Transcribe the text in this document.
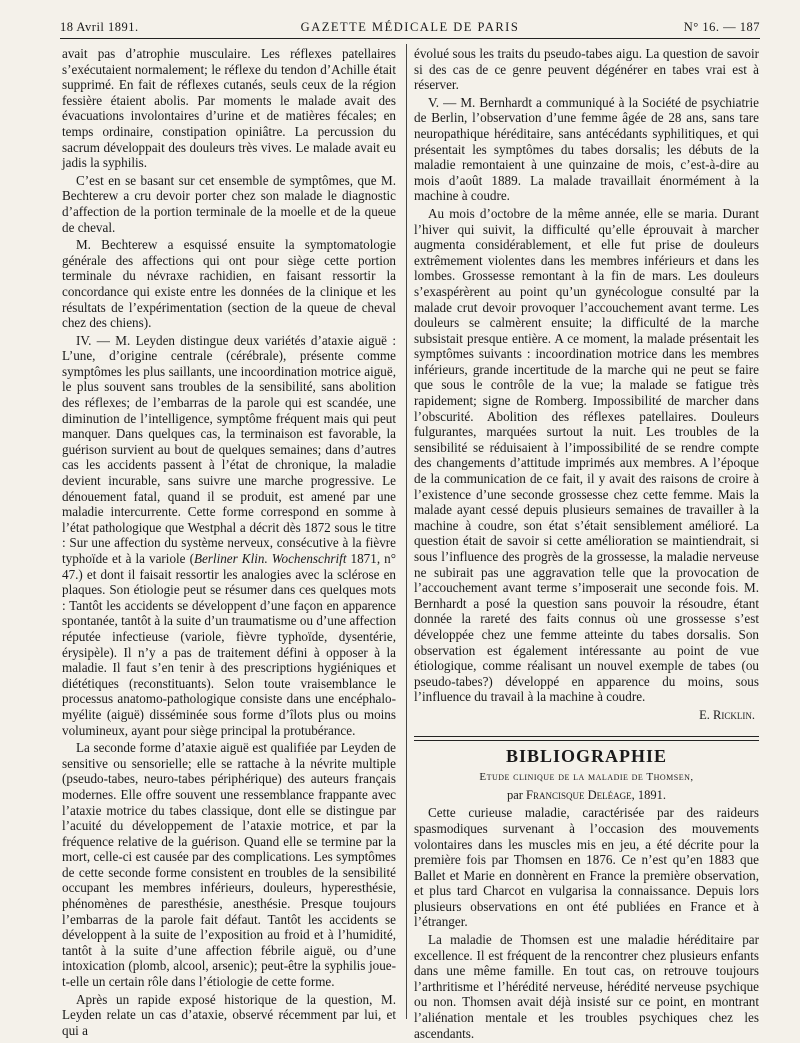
18 Avril 1891.	GAZETTE MÉDICALE DE PARIS	N° 16. — 187

avait pas d’atrophie musculaire. Les réflexes patellaires s’exécutaient normalement; le réflexe du tendon d’Achille était supprimé. En fait de réflexes cutanés, seuls ceux de la région fessière étaient abolis. Par moments le malade avait des évacuations involontaires d’urine et de matières fécales; en temps ordinaire, constipation opiniâtre. La percussion du sacrum développait des douleurs très vives. Le malade avait eu jadis la syphilis.

C’est en se basant sur cet ensemble de symptômes, que M. Bechterew a cru devoir porter chez son malade le diagnostic d’affection de la portion terminale de la moelle et de la queue de cheval.

M. Bechterew a esquissé ensuite la symptomatologie générale des affections qui ont pour siège cette portion terminale du névraxe rachidien, en faisant ressortir la concordance qui existe entre les données de la clinique et les résultats de l’expérimentation (section de la queue de cheval chez des chiens).

IV. — M. Leyden distingue deux variétés d’ataxie aiguë : L’une, d’origine centrale (cérébrale), présente comme symptômes les plus saillants, une incoordination motrice aiguë, le plus souvent sans troubles de la sensibilité, sans abolition des réflexes; de l’embarras de la parole qui est scandée, une diminution de l’intelligence, symptôme fréquent mais qui peut manquer. Dans quelques cas, la terminaison est favorable, la guérison survient au bout de quelques semaines; dans d’autres cas les accidents passent à l’état de chronique, la maladie devient incurable, sans suivre une marche progressive. Le dénouement fatal, quand il se produit, est amené par une maladie intercurrente. Cette forme correspond en somme à l’état pathologique que Westphal a décrit dès 1872 sous le titre : Sur une affection du système nerveux, consécutive à la fièvre typhoïde et à la variole (Berliner Klin. Wochenschrift 1871, n° 47.) et dont il faisait ressortir les analogies avec la sclérose en plaques. Son étiologie peut se résumer dans ces quelques mots : Tantôt les accidents se développent d’une façon en apparence spontanée, tantôt à la suite d’un traumatisme ou d’une affection réputée infectieuse (variole, fièvre typhoïde, dysentérie, érysipèle). Il n’y a pas de traitement défini à opposer à la maladie. Il faut s’en tenir à des prescriptions hygiéniques et diététiques (reconstituants). Selon toute vraisemblance le processus anatomo-pathologique consiste dans une encéphalo-myélite (aiguë) disséminée sous forme d’îlots plus ou moins volumineux, ayant pour siège principal la protubérance.

La seconde forme d’ataxie aiguë est qualifiée par Leyden de sensitive ou sensorielle; elle se rattache à la névrite multiple (pseudo-tabes, neuro-tabes périphérique) des auteurs français modernes. Elle offre souvent une ressemblance frappante avec l’ataxie motrice du tabes classique, dont elle se distingue par l’acuité du développement de l’ataxie motrice, et par la fréquence relative de la guérison. Quand elle se termine par la mort, celle-ci est causée par des complications. Les symptômes de cette seconde forme consistent en troubles de la sensibilité occupant les membres inférieurs, douleurs, hyperesthésie, phénomènes de paresthésie, anesthésie. Presque toujours l’embarras de la parole fait défaut. Tantôt les accidents se développent à la suite de l’exposition au froid et à l’humidité, tantôt à la suite d’une affection fébrile aiguë, ou d’une intoxication (plomb, alcool, arsenic); peut-être la syphilis joue-t-elle un certain rôle dans l’étiologie de cette forme.

Après un rapide exposé historique de la question, M. Leyden relate un cas d’ataxie, observé récemment par lui, et qui a

évolué sous les traits du pseudo-tabes aigu. La question de savoir si des cas de ce genre peuvent dégénérer en tabes vrai est à réserver.

V. — M. Bernhardt a communiqué à la Société de psychiatrie de Berlin, l’observation d’une femme âgée de 28 ans, sans tare neuropathique héréditaire, sans antécédants syphilitiques, et qui présentait les symptômes du tabes dorsalis; les débuts de la maladie remontaient à une quinzaine de mois, c’est-à-dire au mois d’août 1889. La malade travaillait énormément à la machine à coudre.

Au mois d’octobre de la même année, elle se maria. Durant l’hiver qui suivit, la difficulté qu’elle éprouvait à marcher augmenta considérablement, et elle fut prise de douleurs extrêmement violentes dans les membres inférieurs et dans les lombes. Grossesse remontant à la fin de mars. Les douleurs s’exaspérèrent au point qu’un gynécologue consulté par la malade crut devoir provoquer l’accouchement avant terme. Les douleurs se calmèrent ensuite; la difficulté de la marche subsistait presque entière. A ce moment, la malade présentait les symptômes suivants : incoordination motrice dans les membres inférieurs, grande incertitude de la marche qui ne peut se faire que sous le contrôle de la vue; la malade se fatigue très rapidement; signe de Romberg. Impossibilité de marcher dans l’obscurité. Abolition des réflexes patellaires. Douleurs fulgurantes, marquées surtout la nuit. Les troubles de la sensibilité se réduisaient à l’impossibilité de se rendre compte des changements d’attitude imprimés aux membres. A l’époque de la communication de ce fait, il y avait des raisons de croire à l’existence d’une seconde grossesse chez cette femme. Mais la malade ayant cessé depuis plusieurs semaines de travailler à la machine à coudre, son état s’était sensiblement amélioré. La question était de savoir si cette amélioration se maintiendrait, si sous l’influence des progrès de la grossesse, la maladie nerveuse ne subirait pas une aggravation telle que la provocation de l’accouchement avant terme s’imposerait une seconde fois. M. Bernhardt a posé la question sans pouvoir la résoudre, étant donnée la rareté des faits connus où une grossesse s’est développée chez une femme atteinte du tabes dorsalis. Son observation est également intéressante au point de vue étiologique, comme réalisant un nouvel exemple de tabes (ou pseudo-tabes?) développé en apparence du moins, sous l’influence du travail à la machine à coudre.

E. Ricklin.

BIBLIOGRAPHIE

Etude clinique de la maladie de Thomsen,

par Francisque Deléage, 1891.

Cette curieuse maladie, caractérisée par des raideurs spasmodiques survenant à l’occasion des mouvements volontaires dans les muscles mis en jeu, a été décrite pour la première fois par Thomsen en 1876. Ce n’est qu’en 1883 que Ballet et Marie en donnèrent en France la première observation, et plus tard Charcot en vulgarisa la connaissance. Depuis lors plusieurs observations en ont été publiées en France et à l’étranger.

La maladie de Thomsen est une maladie héréditaire par excellence. Il est fréquent de la rencontrer chez plusieurs enfants dans une même famille. En tout cas, on retrouve toujours l’arthritisme et l’hérédité nerveuse, hérédité nerveuse psychique ou non. Thomsen avait déjà insisté sur ce point, en montrant l’aliénation mentale et les troubles psychiques chez les ascendants.
